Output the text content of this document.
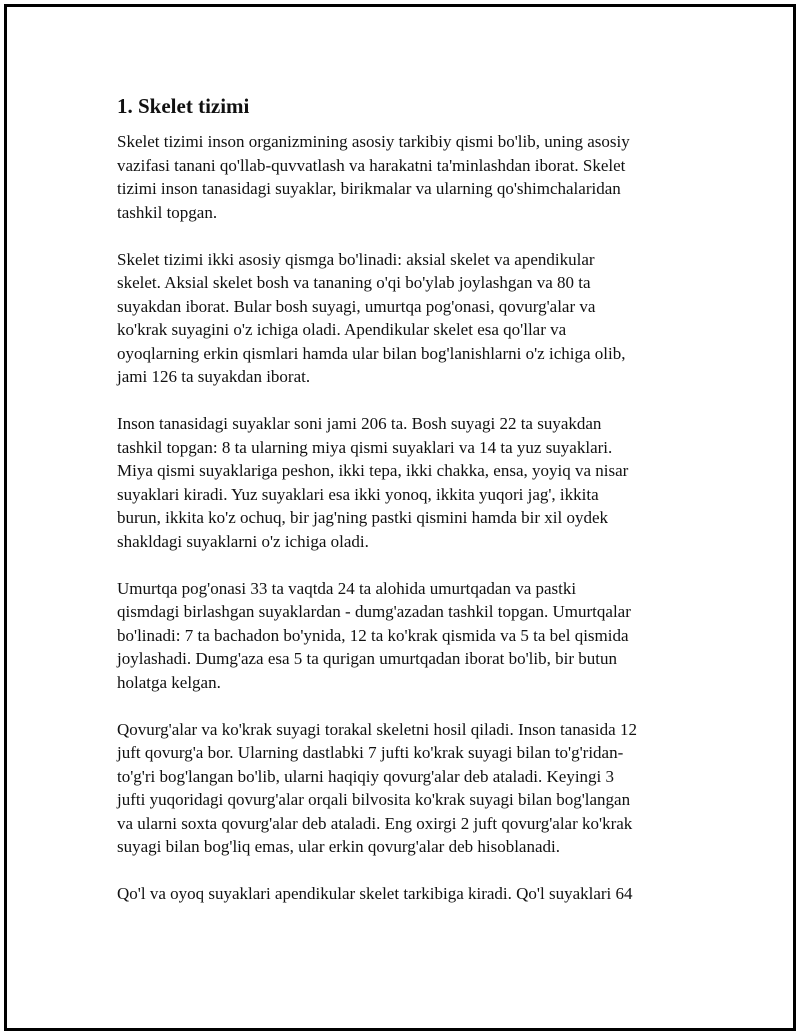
1. Skelet tizimi

Skelet tizimi inson organizmining asosiy tarkibiy qismi bo'lib, uning asosiy
vazifasi tanani qo'llab-quvvatlash va harakatni ta'minlashdan iborat. Skelet
tizimi inson tanasidagi suyaklar, birikmalar va ularning qo'shimchalaridan
tashkil topgan.

Skelet tizimi ikki asosiy qismga bo'linadi: aksial skelet va apendikular
skelet. Aksial skelet bosh va tananing o'qi bo'ylab joylashgan va 80 ta
suyakdan iborat. Bular bosh suyagi, umurtqa pog'onasi, qovurg'alar va
ko'krak suyagini o'z ichiga oladi. Apendikular skelet esa qo'llar va
oyoqlarning erkin qismlari hamda ular bilan bog'lanishlarni o'z ichiga olib,
jami 126 ta suyakdan iborat.

Inson tanasidagi suyaklar soni jami 206 ta. Bosh suyagi 22 ta suyakdan
tashkil topgan: 8 ta ularning miya qismi suyaklari va 14 ta yuz suyaklari.
Miya qismi suyaklariga peshon, ikki tepa, ikki chakka, ensa, yoyiq va nisar
suyaklari kiradi. Yuz suyaklari esa ikki yonoq, ikkita yuqori jag', ikkita
burun, ikkita ko'z ochuq, bir jag'ning pastki qismini hamda bir xil oydek
shakldagi suyaklarni o'z ichiga oladi.

Umurtqa pog'onasi 33 ta vaqtda 24 ta alohida umurtqadan va pastki
qismdagi birlashgan suyaklardan - dumg'azadan tashkil topgan. Umurtqalar
bo'linadi: 7 ta bachadon bo'ynida, 12 ta ko'krak qismida va 5 ta bel qismida
joylashadi. Dumg'aza esa 5 ta qurigan umurtqadan iborat bo'lib, bir butun
holatga kelgan.

Qovurg'alar va ko'krak suyagi torakal skeletni hosil qiladi. Inson tanasida 12
juft qovurg'a bor. Ularning dastlabki 7 jufti ko'krak suyagi bilan to'g'ridan-
to'g'ri bog'langan bo'lib, ularni haqiqiy qovurg'alar deb ataladi. Keyingi 3
jufti yuqoridagi qovurg'alar orqali bilvosita ko'krak suyagi bilan bog'langan
va ularni soxta qovurg'alar deb ataladi. Eng oxirgi 2 juft qovurg'alar ko'krak
suyagi bilan bog'liq emas, ular erkin qovurg'alar deb hisoblanadi.

Qo'l va oyoq suyaklari apendikular skelet tarkibiga kiradi. Qo'l suyaklari 64
